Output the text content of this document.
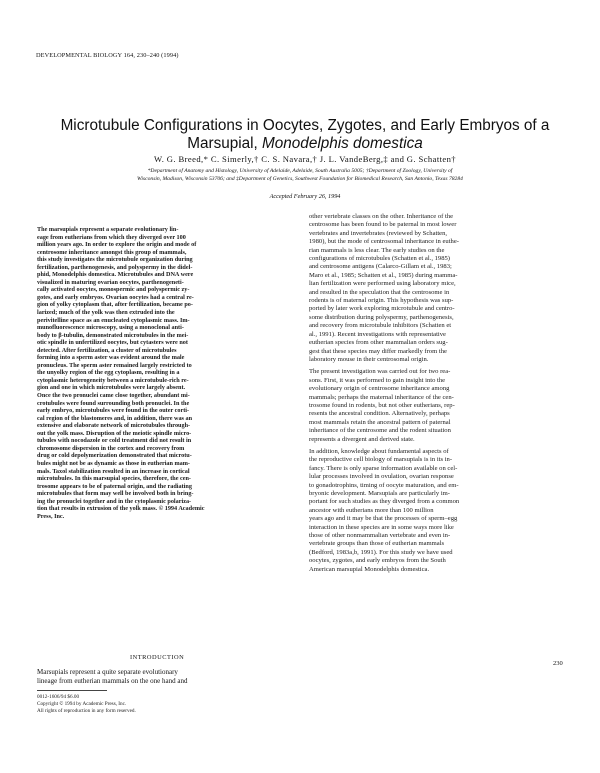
DEVELOPMENTAL BIOLOGY 164, 230–240 (1994)
Microtubule Configurations in Oocytes, Zygotes, and Early Embryos of a
Marsupial, Monodelphis domestica
W. G. Breed,* C. Simerly,† C. S. Navara,† J. L. VandeBerg,‡ and G. Schatten†
*Department of Anatomy and Histology, University of Adelaide, Adelaide, South Australia 5005; †Department of Zoology, University of
Wisconsin, Madison, Wisconsin 53706; and ‡Department of Genetics, Southwest Foundation for Biomedical Research, San Antonio, Texas 78284
Accepted February 26, 1994
The marsupials represent a separate evolutionary lin-
eage from eutherians from which they diverged over 100
million years ago. In order to explore the origin and mode of
centrosome inheritance amongst this group of mammals,
this study investigates the microtubule organization during
fertilization, parthenogenesis, and polyspermy in the didel-
phid, Monodelphis domestica. Microtubules and DNA were
visualized in maturing ovarian oocytes, parthenogeneti-
cally activated oocytes, monospermic and polyspermic zy-
gotes, and early embryos. Ovarian oocytes had a central re-
gion of yolky cytoplasm that, after fertilization, became po-
larized; much of the yolk was then extruded into the
perivitelline space as an enucleated cytoplasmic mass. Im-
munofluorescence microscopy, using a monoclonal anti-
body to β-tubulin, demonstrated microtubules in the mei-
otic spindle in unfertilized oocytes, but cytasters were not
detected. After fertilization, a cluster of microtubules
forming into a sperm aster was evident around the male
pronucleus. The sperm aster remained largely restricted to
the unyolky region of the egg cytoplasm, resulting in a
cytoplasmic heterogeneity between a microtubule-rich re-
gion and one in which microtubules were largely absent.
Once the two pronuclei came close together, abundant mi-
crotubules were found surrounding both pronuclei. In the
early embryo, microtubules were found in the outer corti-
cal region of the blastomeres and, in addition, there was an
extensive and elaborate network of microtubules through-
out the yolk mass. Disruption of the meiotic spindle micro-
tubules with nocodazole or cold treatment did not result in
chromosome dispersion in the cortex and recovery from
drug or cold depolymerization demonstrated that microtu-
bules might not be as dynamic as those in eutherian mam-
mals. Taxol stabilization resulted in an increase in cortical
microtubules. In this marsupial species, therefore, the cen-
trosome appears to be of paternal origin, and the radiating
microtubules that form may well be involved both in bring-
ing the pronuclei together and in the cytoplasmic polariza-
tion that results in extrusion of the yolk mass. © 1994 Academic
Press, Inc.
INTRODUCTION
Marsupials represent a quite separate evolutionary
lineage from eutherian mammals on the one hand and
0012-1606/94 $6.00
Copyright © 1994 by Academic Press, Inc.
All rights of reproduction in any form reserved.
other vertebrate classes on the other. Inheritance of the
centrosome has been found to be paternal in most lower
vertebrates and invertebrates (reviewed by Schatten,
1980), but the mode of centrosomal inheritance in euthe-
rian mammals is less clear. The early studies on the
configurations of microtubules (Schatten et al., 1985)
and centrosome antigens (Calarco-Gillam et al., 1983;
Maro et al., 1985; Schatten et al., 1985) during mamma-
lian fertilization were performed using laboratory mice,
and resulted in the speculation that the centrosome in
rodents is of maternal origin. This hypothesis was sup-
ported by later work exploring microtubule and centro-
some distribution during polyspermy, parthenogenesis,
and recovery from microtubule inhibitors (Schatten et
al., 1991). Recent investigations with representative
eutherian species from other mammalian orders sug-
gest that these species may differ markedly from the
laboratory mouse in their centrosomal origin.
The present investigation was carried out for two rea-
sons. First, it was performed to gain insight into the
evolutionary origin of centrosome inheritance among
mammals; perhaps the maternal inheritance of the cen-
trosome found in rodents, but not other eutherians, rep-
resents the ancestral condition. Alternatively, perhaps
most mammals retain the ancestral pattern of paternal
inheritance of the centrosome and the rodent situation
represents a divergent and derived state.
In addition, knowledge about fundamental aspects of
the reproductive cell biology of marsupials is in its in-
fancy. There is only sparse information available on cel-
lular processes involved in ovulation, ovarian response
to gonadotrophins, timing of oocyte maturation, and em-
bryonic development. Marsupials are particularly im-
portant for such studies as they diverged from a common
ancestor with eutherians more than 100 million
years ago and it may be that the processes of sperm–egg
interaction in these species are in some ways more like
those of other nonmammalian vertebrate and even in-
vertebrate groups than those of eutherian mammals
(Bedford, 1983a,b, 1991). For this study we have used
oocytes, zygotes, and early embryos from the South
American marsupial Monodelphis domestica.
230
